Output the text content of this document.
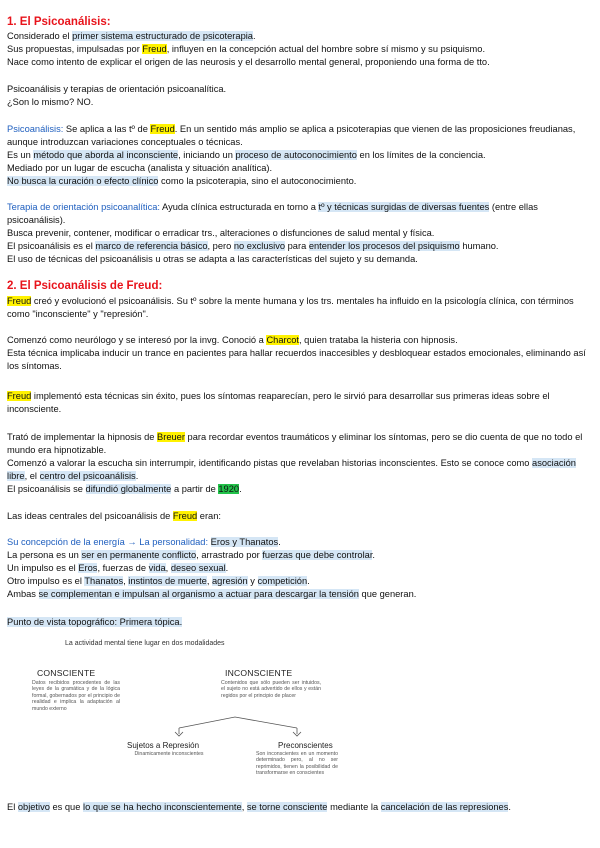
1. El Psicoanálisis:

Considerado el primer sistema estructurado de psicoterapia.
Sus propuestas, impulsadas por Freud, influyen en la concepción actual del hombre sobre sí mismo y su psiquismo.
Nace como intento de explicar el origen de las neurosis y el desarrollo mental general, proponiendo una forma de tto.

Psicoanálisis y terapias de orientación psicoanalítica.
¿Son lo mismo? NO.

Psicoanálisis: Se aplica a las tº de Freud. En un sentido más amplio se aplica a psicoterapias que vienen de las proposiciones freudianas, aunque introduzcan variaciones conceptuales o técnicas.
Es un método que aborda al inconsciente, iniciando un proceso de autoconocimiento en los límites de la conciencia.
Mediado por un lugar de escucha (analista y situación analítica).
No busca la curación o efecto clínico como la psicoterapia, sino el autoconocimiento.

Terapia de orientación psicoanalítica: Ayuda clínica estructurada en torno a tº y técnicas surgidas de diversas fuentes (entre ellas psicoanálisis).
Busca prevenir, contener, modificar o erradicar trs., alteraciones o disfunciones de salud mental y física.
El psicoanálisis es el marco de referencia básico, pero no exclusivo para entender los procesos del psiquismo humano.
El uso de técnicas del psicoanálisis u otras se adapta a las características del sujeto y su demanda.

2. El Psicoanálisis de Freud:

Freud creó y evolucionó el psicoanálisis. Su tº sobre la mente humana y los trs. mentales ha influido en la psicología clínica, con términos como "inconsciente" y "represión".

Comenzó como neurólogo y se interesó por la invg. Conoció a Charcot, quien trataba la histeria con hipnosis.
Esta técnica implicaba inducir un trance en pacientes para hallar recuerdos inaccesibles y desbloquear estados emocionales, eliminando así los síntomas.

Freud implementó esta técnicas sin éxito, pues los síntomas reaparecían, pero le sirvió para desarrollar sus primeras ideas sobre el inconsciente.

Trató de implementar la hipnosis de Breuer para recordar eventos traumáticos y eliminar los síntomas, pero se dio cuenta de que no todo el mundo era hipnotizable.
Comenzó a valorar la escucha sin interrumpir, identificando pistas que revelaban historias inconscientes. Esto se conoce como asociación libre, el centro del psicoanálisis.
El psicoanálisis se difundió globalmente a partir de 1920.

Las ideas centrales del psicoanálisis de Freud eran:

Su concepción de la energía → La personalidad: Eros y Thanatos.
La persona es un ser en permanente conflicto, arrastrado por fuerzas que debe controlar.
Un impulso es el Eros, fuerzas de vida, deseo sexual.
Otro impulso es el Thanatos, instintos de muerte, agresión y competición.
Ambas se complementan e impulsan al organismo a actuar para descargar la tensión que generan.

Punto de vista topográfico: Primera tópica.

La actividad mental tiene lugar en dos modalidades
CONSCIENTE
Datos recibidos procedentes de las leyes de la gramática y de la lógica formal, gobernados por el principio de realidad e implica la adaptación al mundo externo
INCONSCIENTE
Contenidos que sólo pueden ser intuidos, el sujeto no está advertido de ellos y están regidos por el principio de placer
Sujetos a Represión
Dinamicamente inconscientes
Preconscientes
Son inconscientes en un momento determinado pero, al no ser reprimidos, tienen la posibilidad de transformarse en conscientes

El objetivo es que lo que se ha hecho inconscientemente, se torne consciente mediante la cancelación de las represiones.
